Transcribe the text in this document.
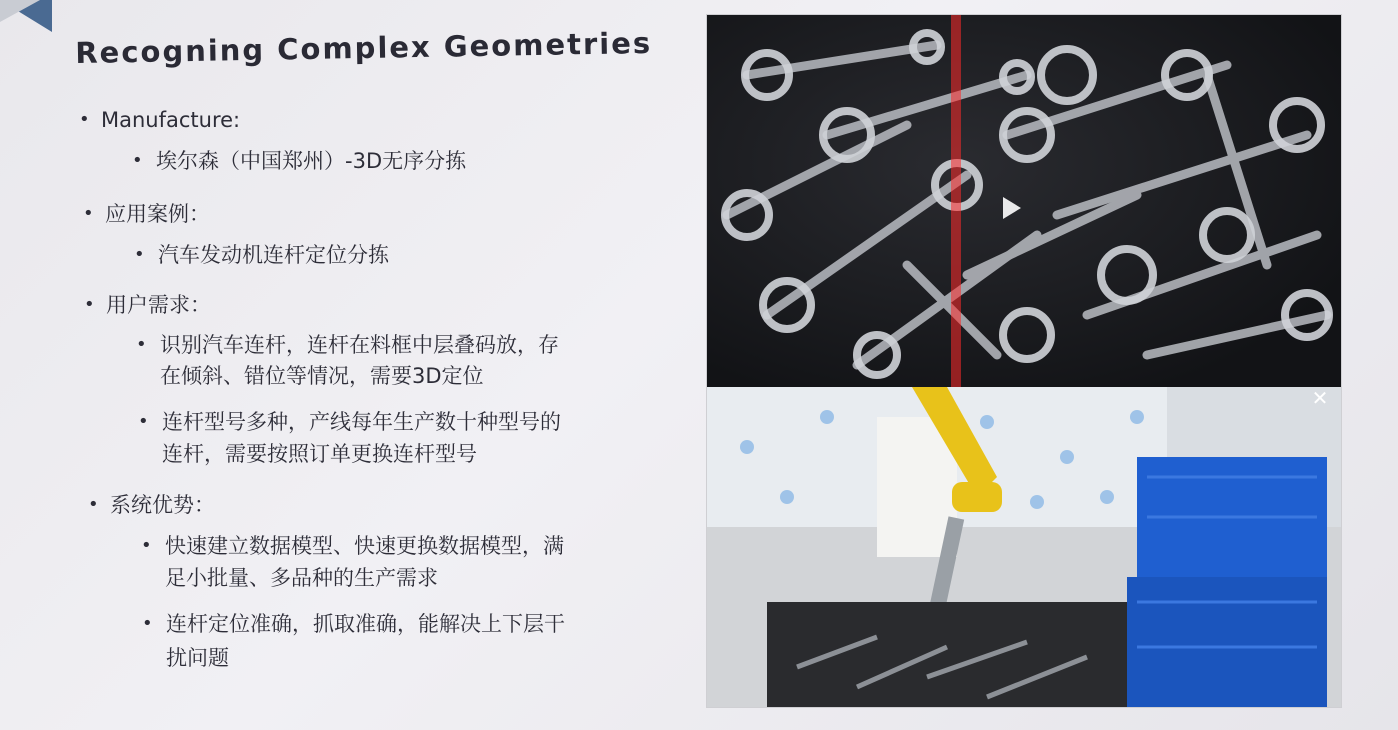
Recogning Complex Geometries
• Manufacture:
• 埃尔森（中国郑州）-3D无序分拣
• 应用案例：
• 汽车发动机连杆定位分拣
• 用户需求：
• 识别汽车连杆，连杆在料框中层叠码放，存
在倾斜、错位等情况，需要3D定位
• 连杆型号多种，产线每年生产数十种型号的
连杆，需要按照订单更换连杆型号
• 系统优势：
• 快速建立数据模型、快速更换数据模型，满
足小批量、多品种的生产需求
• 连杆定位准确，抓取准确，能解决上下层干
扰问题
✕
